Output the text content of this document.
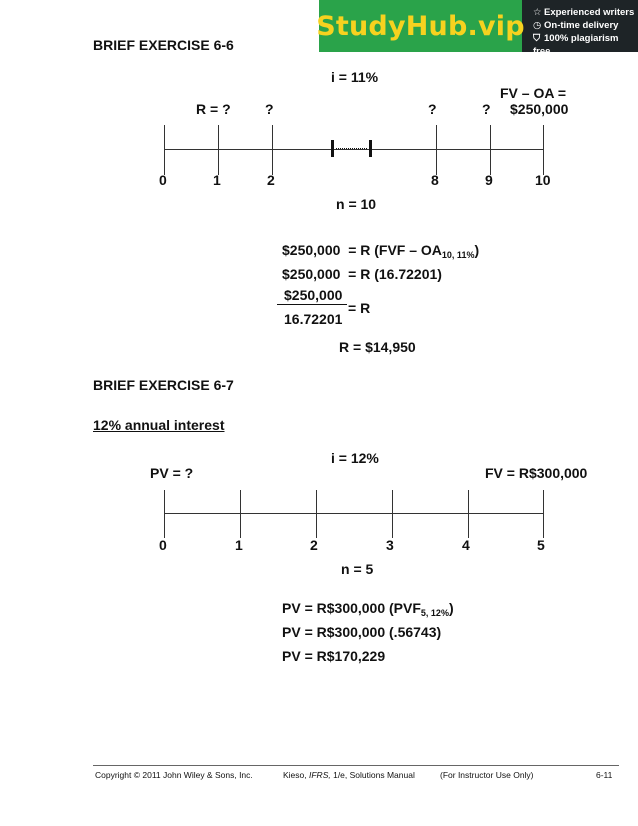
StudyHub.vip ☆ Experienced writers
◷ On-time delivery
⛉ 100% plagiarism free
BRIEF EXERCISE 6-6
i = 11%
FV – OA =
R = ? ?	?	? $250,000
0	1	2	8	9	10
n = 10
$250,000 = R $(FVF - OA_{10, 11\%})$
$250,000  = R (16.72201)
$250,000
= R
16.72201
R = $14,950
BRIEF EXERCISE 6-7
12% annual interest
i = 12%
PV = ?	FV = R$300,000
0	1	2	3	4	5
n = 5
PV = R$300,000 $(PVF_{5, 12\%})$
PV = R$300,000 (.56743)
PV = R$170,229
Copyright © 2011 John Wiley & Sons, Inc.	Kieso, IFRS, 1/e, Solutions Manual	(For Instructor Use Only)	6-11
